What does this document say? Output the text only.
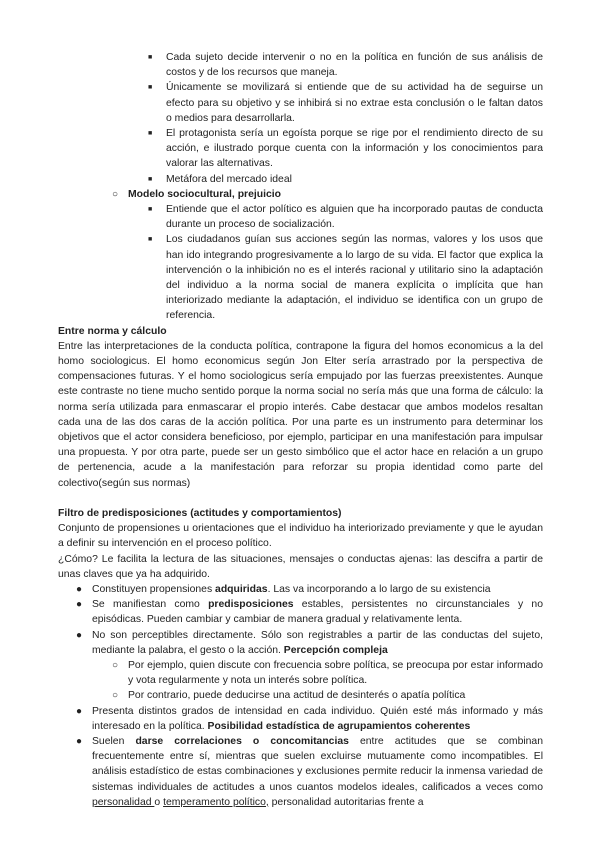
■ Cada sujeto decide intervenir o no en la política en función de sus análisis de costos y de los recursos que maneja.
■ Únicamente se movilizará si entiende que de su actividad ha de seguirse un efecto para su objetivo y se inhibirá si no extrae esta conclusión o le faltan datos o medios para desarrollarla.
■ El protagonista sería un egoísta porque se rige por el rendimiento directo de su acción, e ilustrado porque cuenta con la información y los conocimientos para valorar las alternativas.
■ Metáfora del mercado ideal
○ Modelo sociocultural, prejuicio
■ Entiende que el actor político es alguien que ha incorporado pautas de conducta durante un proceso de socialización.
■ Los ciudadanos guían sus acciones según las normas, valores y los usos que han ido integrando progresivamente a lo largo de su vida. El factor que explica la intervención o la inhibición no es el interés racional y utilitario sino la adaptación del individuo a la norma social de manera explícita o implícita que han interiorizado mediante la adaptación, el individuo se identifica con un grupo de referencia.

Entre norma y cálculo

Entre las interpretaciones de la conducta política, contrapone la figura del homos economicus a la del homo sociologicus. El homo economicus según Jon Elter sería arrastrado por la perspectiva de compensaciones futuras. Y el homo sociologicus sería empujado por las fuerzas preexistentes. Aunque este contraste no tiene mucho sentido porque la norma social no sería más que una forma de cálculo: la norma sería utilizada para enmascarar el propio interés. Cabe destacar que ambos modelos resaltan cada una de las dos caras de la acción política. Por una parte es un instrumento para determinar los objetivos que el actor considera beneficioso, por ejemplo, participar en una manifestación para impulsar una propuesta. Y por otra parte, puede ser un gesto simbólico que el actor hace en relación a un grupo de pertenencia, acude a la manifestación para reforzar su propia identidad como parte del colectivo(según sus normas)

Filtro de predisposiciones (actitudes y comportamientos)

Conjunto de propensiones u orientaciones que el individuo ha interiorizado previamente y que le ayudan a definir su intervención en el proceso político.

¿Cómo? Le facilita la lectura de las situaciones, mensajes o conductas ajenas: las descifra a partir de unas claves que ya ha adquirido.

● Constituyen propensiones adquiridas. Las va incorporando a lo largo de su existencia
● Se manifiestan como predisposiciones estables, persistentes no circunstanciales y no episódicas. Pueden cambiar y cambiar de manera gradual y relativamente lenta.
● No son perceptibles directamente. Sólo son registrables a partir de las conductas del sujeto, mediante la palabra, el gesto o la acción. Percepción compleja
○ Por ejemplo, quien discute con frecuencia sobre política, se preocupa por estar informado y vota regularmente y nota un interés sobre política.
○ Por contrario, puede deducirse una actitud de desinterés o apatía política
● Presenta distintos grados de intensidad en cada individuo. Quién esté más informado y más interesado en la política. Posibilidad estadística de agrupamientos coherentes
● Suelen darse correlaciones o concomitancias entre actitudes que se combinan frecuentemente entre sí, mientras que suelen excluirse mutuamente como incompatibles. El análisis estadístico de estas combinaciones y exclusiones permite reducir la inmensa variedad de sistemas individuales de actitudes a unos cuantos modelos ideales, calificados a veces como personalidad o temperamento político, personalidad autoritarias frente a
